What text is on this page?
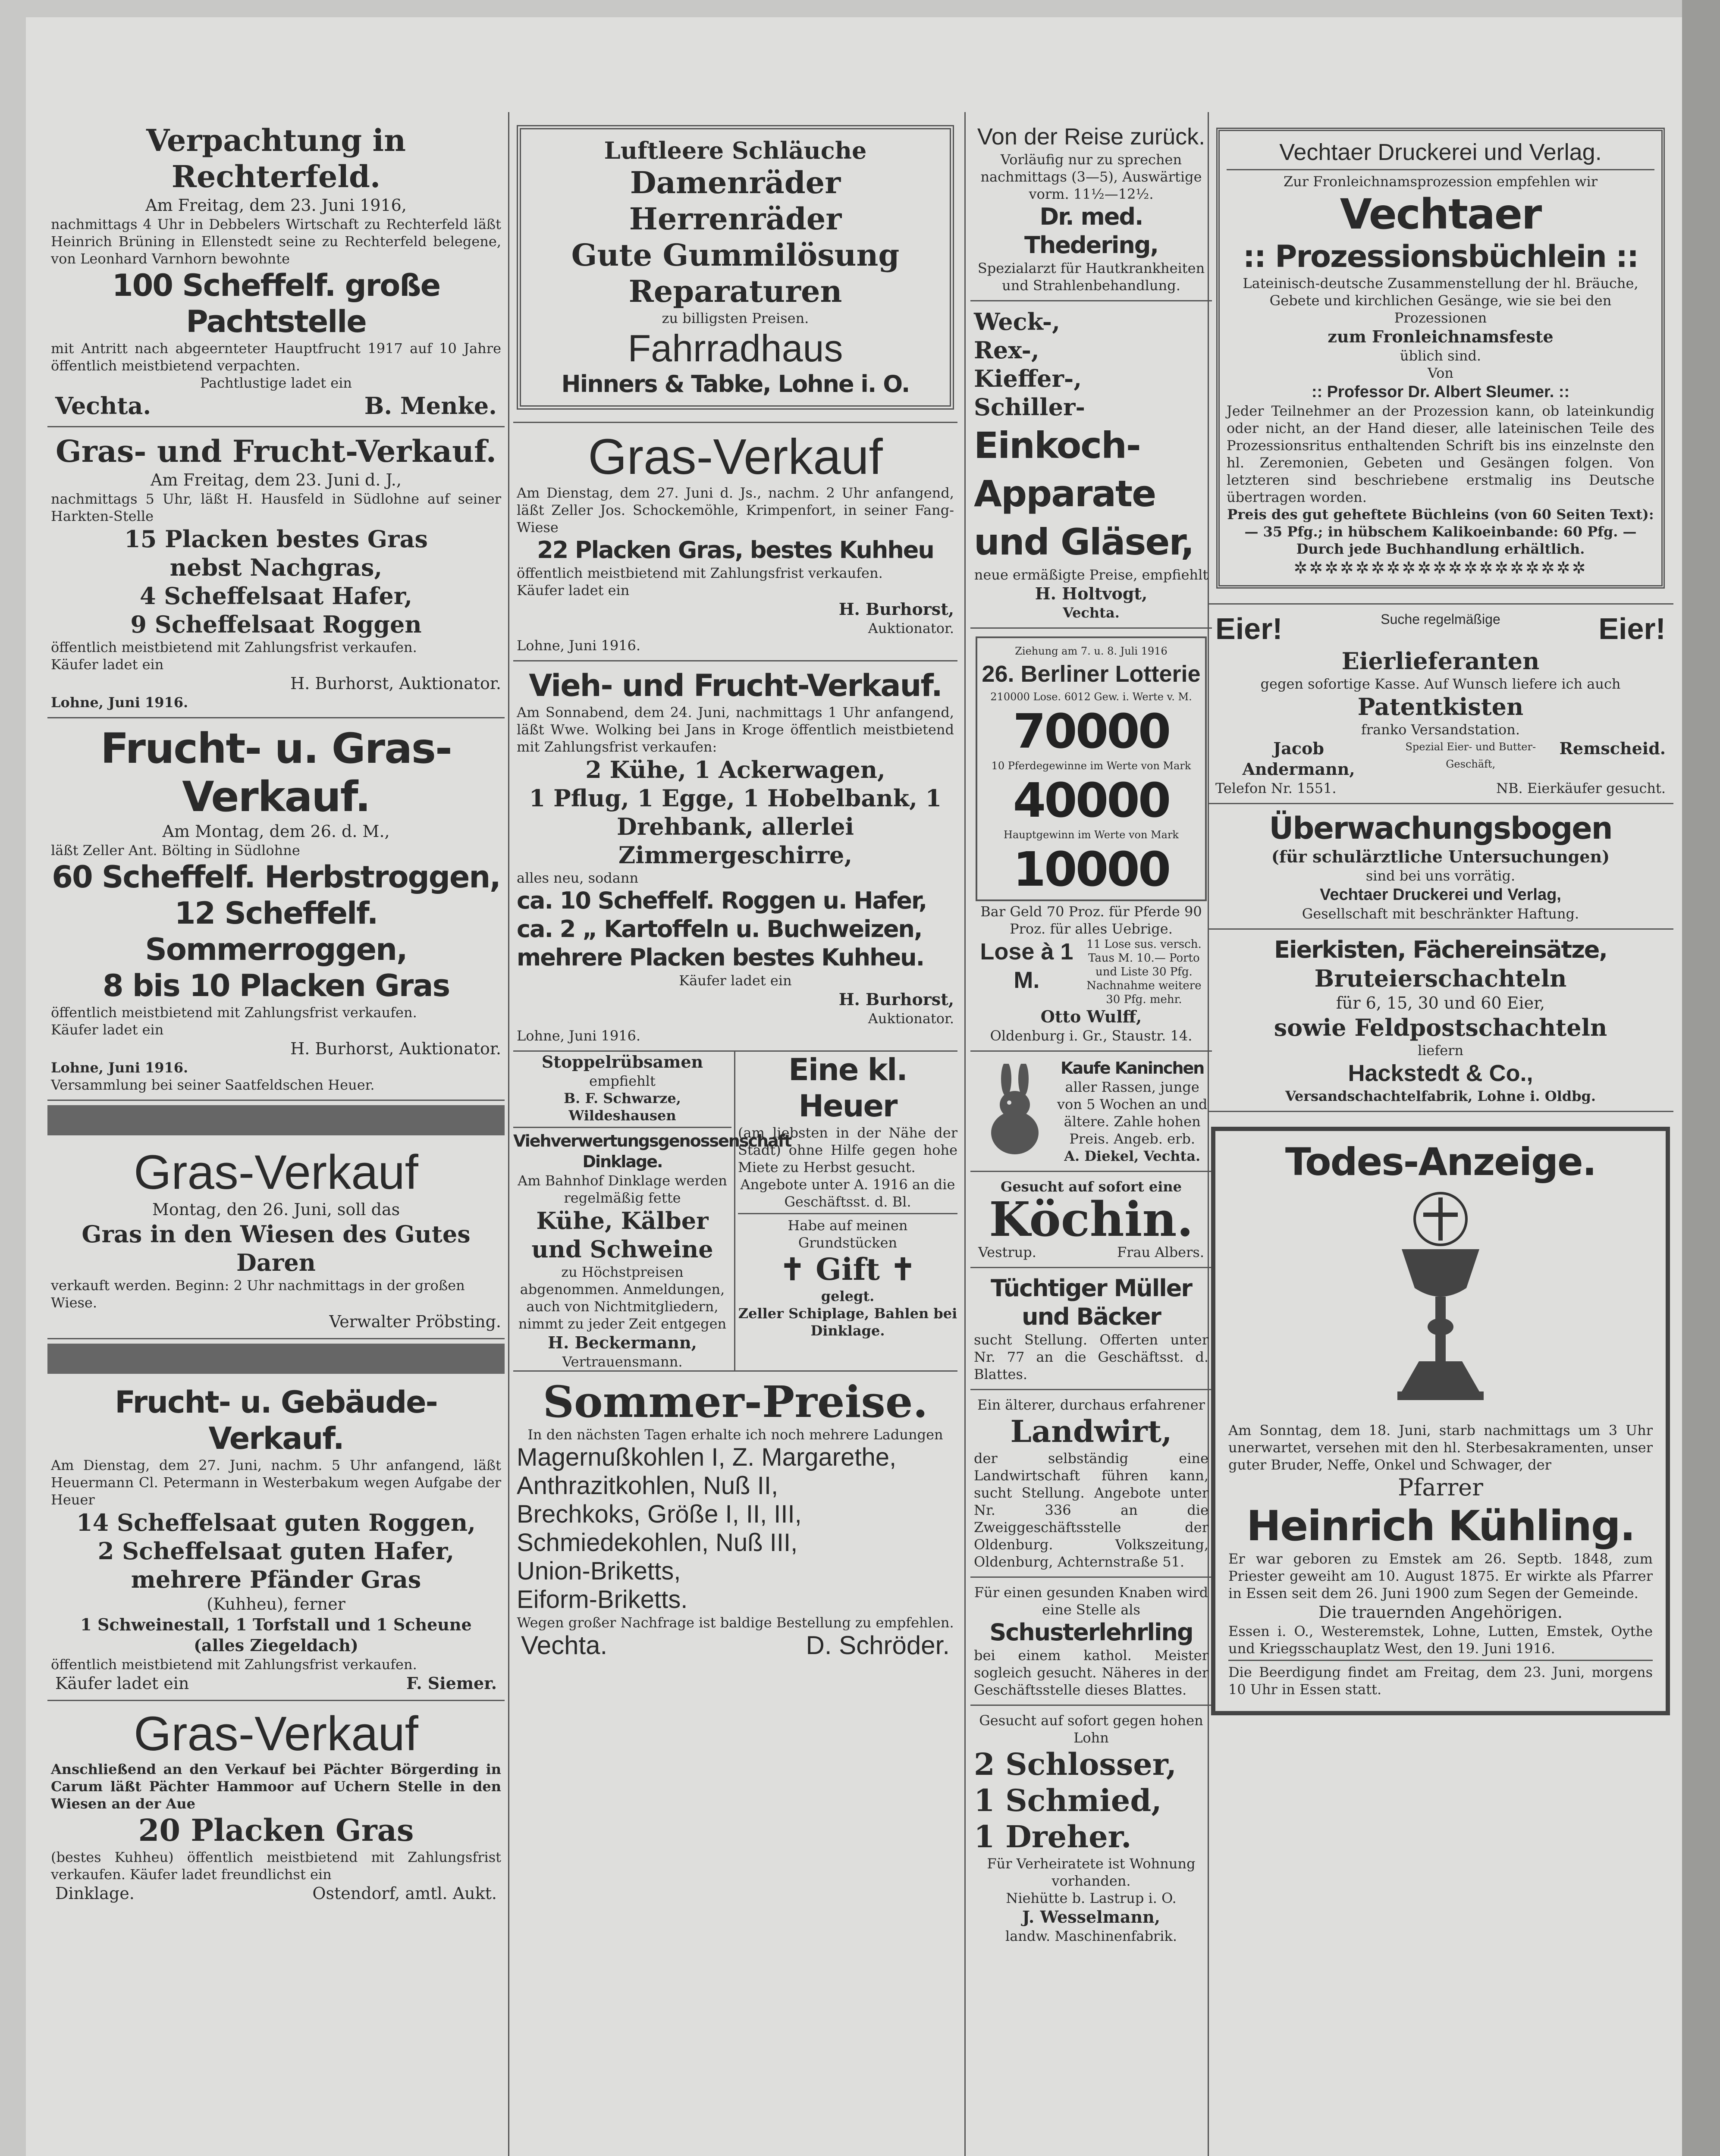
Verpachtung in Rechterfeld.
Am Freitag, dem 23. Juni 1916,
nachmittags 4 Uhr in Debbelers Wirtschaft zu Rechterfeld läßt Heinrich Brüning in Ellenstedt seine zu Rechterfeld belegene, von Leonhard Varnhorn bewohnte
100 Scheffelf. große Pachtstelle
mit Antritt nach abgeernteter Hauptfrucht 1917 auf 10 Jahre öffentlich meistbietend verpachten.
Pachtlustige ladet ein
Vechta.	B. Menke.
Gras- und Frucht-Verkauf.
Am Freitag, dem 23. Juni d. J.,
nachmittags 5 Uhr, läßt H. Hausfeld in Südlohne auf seiner Harkten-Stelle
15 Placken bestes Gras
nebst Nachgras,
4 Scheffelsaat Hafer,
9 Scheffelsaat Roggen
öffentlich meistbietend mit Zahlungsfrist verkaufen.
Käufer ladet ein
H. Burhorst, Auktionator.
Lohne, Juni 1916.
Frucht- u. Gras-Verkauf.
Am Montag, dem 26. d. M.,
läßt Zeller Ant. Bölting in Südlohne
60 Scheffelf. Herbstroggen,
12 Scheffelf. Sommerroggen,
8 bis 10 Placken Gras
öffentlich meistbietend mit Zahlungsfrist verkaufen.
Käufer ladet ein
H. Burhorst, Auktionator.
Lohne, Juni 1916.
Versammlung bei seiner Saatfeldschen Heuer.
Gras-Verkauf
Montag, den 26. Juni, soll das
Gras in den Wiesen des Gutes Daren
verkauft werden. Beginn: 2 Uhr nachmittags in der großen Wiese.
Verwalter Pröbsting.
Frucht- u. Gebäude-Verkauf.
Am Dienstag, dem 27. Juni, nachm. 5 Uhr anfangend, läßt Heuermann Cl. Petermann in Westerbakum wegen Aufgabe der Heuer
14 Scheffelsaat guten Roggen,
2 Scheffelsaat guten Hafer,
mehrere Pfänder Gras
(Kuhheu), ferner
1 Schweinestall, 1 Torfstall und 1 Scheune
(alles Ziegeldach)
öffentlich meistbietend mit Zahlungsfrist verkaufen.
Käufer ladet ein	F. Siemer.
Gras-Verkauf
Anschließend an den Verkauf bei Pächter Börgerding in Carum läßt Pächter Hammoor auf Uchern Stelle in den Wiesen an der Aue
20 Placken Gras
(bestes Kuhheu) öffentlich meistbietend mit Zahlungsfrist verkaufen. Käufer ladet freundlichst ein
Dinklage.	Ostendorf, amtl. Aukt.
Luftleere Schläuche
Damenräder
Herrenräder
Gute Gummilösung
Reparaturen
zu billigsten Preisen.
Fahrradhaus
Hinners & Tabke, Lohne i. O.
Gras-Verkauf
Am Dienstag, dem 27. Juni d. Js., nachm. 2 Uhr anfangend, läßt Zeller Jos. Schockemöhle, Krimpenfort, in seiner Fang-Wiese
22 Placken Gras, bestes Kuhheu
öffentlich meistbietend mit Zahlungsfrist verkaufen.
Käufer ladet ein
H. Burhorst,
Auktionator.
Lohne, Juni 1916.
Vieh- und Frucht-Verkauf.
Am Sonnabend, dem 24. Juni, nachmittags 1 Uhr anfangend, läßt Wwe. Wolking bei Jans in Kroge öffentlich meistbietend mit Zahlungsfrist verkaufen:
2 Kühe, 1 Ackerwagen,
1 Pflug, 1 Egge, 1 Hobelbank, 1 Drehbank, allerlei Zimmergeschirre,
alles neu, sodann
ca. 10 Scheffelf. Roggen u. Hafer,
ca. 2 „ Kartoffeln u. Buchweizen,
mehrere Placken bestes Kuhheu.
Käufer ladet ein
H. Burhorst,
Auktionator.
Lohne, Juni 1916.
Stoppelrübsamen
empfiehlt
B. F. Schwarze, Wildeshausen
Viehverwertungsgenossenschaft Dinklage.
Am Bahnhof Dinklage werden regelmäßig fette
Kühe, Kälber und Schweine
zu Höchstpreisen abgenommen. Anmeldungen, auch von Nichtmitgliedern, nimmt zu jeder Zeit entgegen
H. Beckermann,
Vertrauensmann.
Eine kl. Heuer
(am liebsten in der Nähe der Stadt) ohne Hilfe gegen hohe Miete zu Herbst gesucht.
Angebote unter A. 1916 an die Geschäftsst. d. Bl.
Habe auf meinen Grundstücken
✝ Gift ✝
gelegt.
Zeller Schiplage, Bahlen bei Dinklage.
Sommer-Preise.
In den nächsten Tagen erhalte ich noch mehrere Ladungen
Magernußkohlen I, Z. Margarethe,
Anthrazitkohlen, Nuß II,
Brechkoks, Größe I, II, III,
Schmiedekohlen, Nuß III,
Union-Briketts,
Eiform-Briketts.
Wegen großer Nachfrage ist baldige Bestellung zu empfehlen.
Vechta.	D. Schröder.
Von der Reise zurück.
Vorläufig nur zu sprechen nachmittags (3—5), Auswärtige vorm. 11½—12½.
Dr. med. Thedering,
Spezialarzt für Hautkrankheiten und Strahlenbehandlung.
Weck-,
Rex-,
Kieffer-,
Schiller-
Einkoch-
Apparate
und Gläser,
neue ermäßigte Preise, empfiehlt
H. Holtvogt,
Vechta.
Ziehung am 7. u. 8. Juli 1916
26. Berliner Lotterie
210000 Lose. 6012 Gew. i. Werte v. M.
70000
10 Pferdegewinne im Werte von Mark
40000
Hauptgewinn im Werte von Mark
10000
Bar Geld 70 Proz. für Pferde 90 Proz. für alles Uebrige.
Lose à 1 M.
11 Lose sus. versch. Taus M. 10.— Porto und Liste 30 Pfg. Nachnahme weitere 30 Pfg. mehr.
Otto Wulff,
Oldenburg i. Gr., Staustr. 14.
Kaufe Kaninchen
aller Rassen, junge von 5 Wochen an und ältere. Zahle hohen Preis. Angeb. erb.
A. Diekel, Vechta.
Gesucht auf sofort eine
Köchin.
Vestrup.	Frau Albers.
Tüchtiger Müller und Bäcker
sucht Stellung. Offerten unter Nr. 77 an die Geschäftsst. d. Blattes.
Ein älterer, durchaus erfahrener
Landwirt,
der selbständig eine Landwirtschaft führen kann, sucht Stellung. Angebote unter Nr. 336 an die Zweiggeschäftsstelle der Oldenburg. Volkszeitung, Oldenburg, Achternstraße 51.
Für einen gesunden Knaben wird eine Stelle als
Schusterlehrling
bei einem kathol. Meister sogleich gesucht. Näheres in der Geschäftsstelle dieses Blattes.
Gesucht auf sofort gegen hohen Lohn
2 Schlosser,
1 Schmied,
1 Dreher.
Für Verheiratete ist Wohnung vorhanden.
Niehütte b. Lastrup i. O.
J. Wesselmann,
landw. Maschinenfabrik.
Vechtaer Druckerei und Verlag.
Zur Fronleichnamsprozession empfehlen wir
Vechtaer
:: Prozessionsbüchlein ::
Lateinisch-deutsche Zusammenstellung der hl. Bräuche, Gebete und kirchlichen Gesänge, wie sie bei den Prozessionen
zum Fronleichnamsfeste
üblich sind.
Von
:: Professor Dr. Albert Sleumer. ::
Jeder Teilnehmer an der Prozession kann, ob lateinkundig oder nicht, an der Hand dieser, alle lateinischen Teile des Prozessionsritus enthaltenden Schrift bis ins einzelnste den hl. Zeremonien, Gebeten und Gesängen folgen. Von letzteren sind beschriebene erstmalig ins Deutsche übertragen worden.
Preis des gut geheftete Büchleins (von 60 Seiten Text): — 35 Pfg.; in hübschem Kalikoeinbande: 60 Pfg. —
Durch jede Buchhandlung erhältlich.
✲✲✲✲✲✲✲✲✲✲✲✲✲✲✲✲✲✲✲
Eier!	Suche regelmäßige	Eier!
Eierlieferanten
gegen sofortige Kasse. Auf Wunsch liefere ich auch
Patentkisten
franko Versandstation.
Jacob Andermann,
Spezial Eier- und Butter-Geschäft,
Remscheid.
Telefon Nr. 1551.	NB. Eierkäufer gesucht.
Überwachungsbogen
(für schulärztliche Untersuchungen)
sind bei uns vorrätig.
Vechtaer Druckerei und Verlag,
Gesellschaft mit beschränkter Haftung.
Eierkisten, Fächereinsätze,
Bruteierschachteln
für 6, 15, 30 und 60 Eier,
sowie Feldpostschachteln
liefern
Hackstedt & Co.,
Versandschachtelfabrik, Lohne i. Oldbg.
Todes-Anzeige.
Am Sonntag, dem 18. Juni, starb nachmittags um 3 Uhr unerwartet, versehen mit den hl. Sterbesakramenten, unser guter Bruder, Neffe, Onkel und Schwager, der
Pfarrer
Heinrich Kühling.
Er war geboren zu Emstek am 26. Septb. 1848, zum Priester geweiht am 10. August 1875. Er wirkte als Pfarrer in Essen seit dem 26. Juni 1900 zum Segen der Gemeinde.
Die trauernden Angehörigen.
Essen i. O., Westeremstek, Lohne, Lutten, Emstek, Oythe und Kriegsschauplatz West, den 19. Juni 1916.
Die Beerdigung findet am Freitag, dem 23. Juni, morgens 10 Uhr in Essen statt.
